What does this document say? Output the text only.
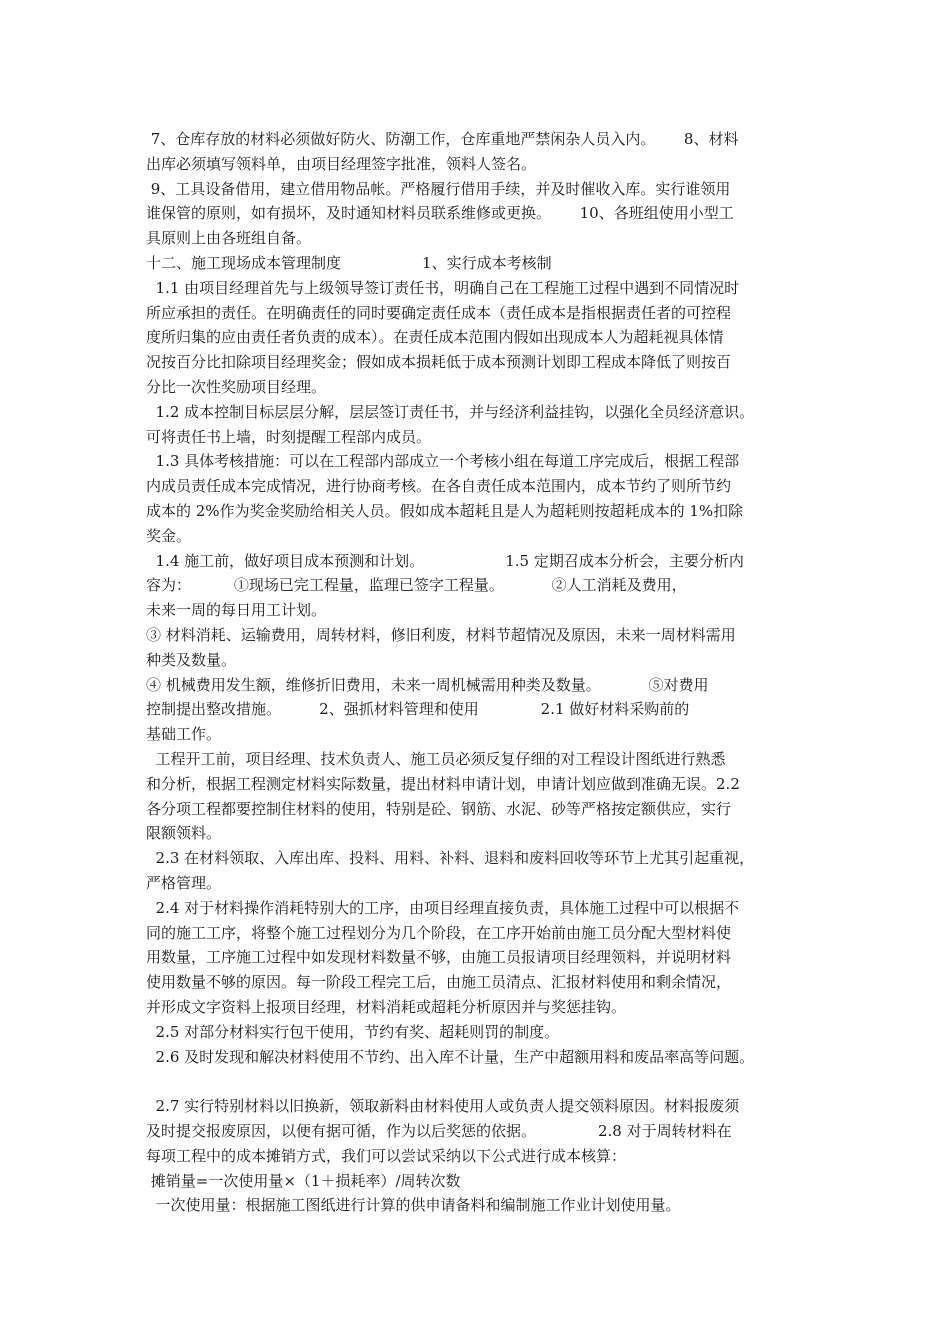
7、仓库存放的材料必须做好防火、防潮工作，仓库重地严禁闲杂人员入内。      8、材料
出库必须填写领料单，由项目经理签字批准，领料人签名。
9、工具设备借用，建立借用物品帐。严格履行借用手续，并及时催收入库。实行谁领用
谁保管的原则，如有损坏，及时通知材料员联系维修或更换。      10、各班组使用小型工
具原则上由各班组自备。
十二、施工现场成本管理制度                 1、实行成本考核制
1.1 由项目经理首先与上级领导签订责任书，明确自己在工程施工过程中遇到不同情况时
所应承担的责任。在明确责任的同时要确定责任成本（责任成本是指根据责任者的可控程
度所归集的应由责任者负责的成本）。在责任成本范围内假如出现成本人为超耗视具体情
况按百分比扣除项目经理奖金；假如成本损耗低于成本预测计划即工程成本降低了则按百
分比一次性奖励项目经理。
1.2 成本控制目标层层分解，层层签订责任书，并与经济利益挂钩，以强化全员经济意识。
可将责任书上墙，时刻提醒工程部内成员。
1.3 具体考核措施：可以在工程部内部成立一个考核小组在每道工序完成后，根据工程部
内成员责任成本完成情况，进行协商考核。在各自责任成本范围内，成本节约了则所节约
成本的 2%作为奖金奖励给相关人员。假如成本超耗且是人为超耗则按超耗成本的 1%扣除
奖金。
1.4 施工前，做好项目成本预测和计划。                 1.5 定期召成本分析会，主要分析内
容为：         ①现场已完工程量，监理已签字工程量。          ②人工消耗及费用，
未来一周的每日用工计划。
③ 材料消耗、运输费用，周转材料，修旧利废，材料节超情况及原因，未来一周材料需用
种类及数量。
④ 机械费用发生额，维修折旧费用，未来一周机械需用种类及数量。          ⑤对费用
控制提出整改措施。        2、强抓材料管理和使用             2.1 做好材料采购前的
基础工作。
工程开工前，项目经理、技术负责人、施工员必须反复仔细的对工程设计图纸进行熟悉
和分析，根据工程测定材料实际数量，提出材料申请计划，申请计划应做到准确无误。2.2
各分项工程都要控制住材料的使用，特别是砼、钢筋、水泥、砂等严格按定额供应，实行
限额领料。
2.3 在材料领取、入库出库、投料、用料、补料、退料和废料回收等环节上尤其引起重视，
严格管理。
2.4 对于材料操作消耗特别大的工序，由项目经理直接负责，具体施工过程中可以根据不
同的施工工序，将整个施工过程划分为几个阶段，在工序开始前由施工员分配大型材料使
用数量，工序施工过程中如发现材料数量不够，由施工员报请项目经理领料，并说明材料
使用数量不够的原因。每一阶段工程完工后，由施工员清点、汇报材料使用和剩余情况，
并形成文字资料上报项目经理，材料消耗或超耗分析原因并与奖惩挂钩。
2.5 对部分材料实行包干使用，节约有奖、超耗则罚的制度。
2.6 及时发现和解决材料使用不节约、出入库不计量，生产中超额用料和废品率高等问题。
2.7 实行特别材料以旧换新，领取新料由材料使用人或负责人提交领料原因。材料报废须
及时提交报废原因，以便有据可循，作为以后奖惩的依据。             2.8 对于周转材料在
每项工程中的成本摊销方式，我们可以尝试采纳以下公式进行成本核算：
摊销量=一次使用量×（1＋损耗率）/周转次数
一次使用量：根据施工图纸进行计算的供申请备料和编制施工作业计划使用量。
